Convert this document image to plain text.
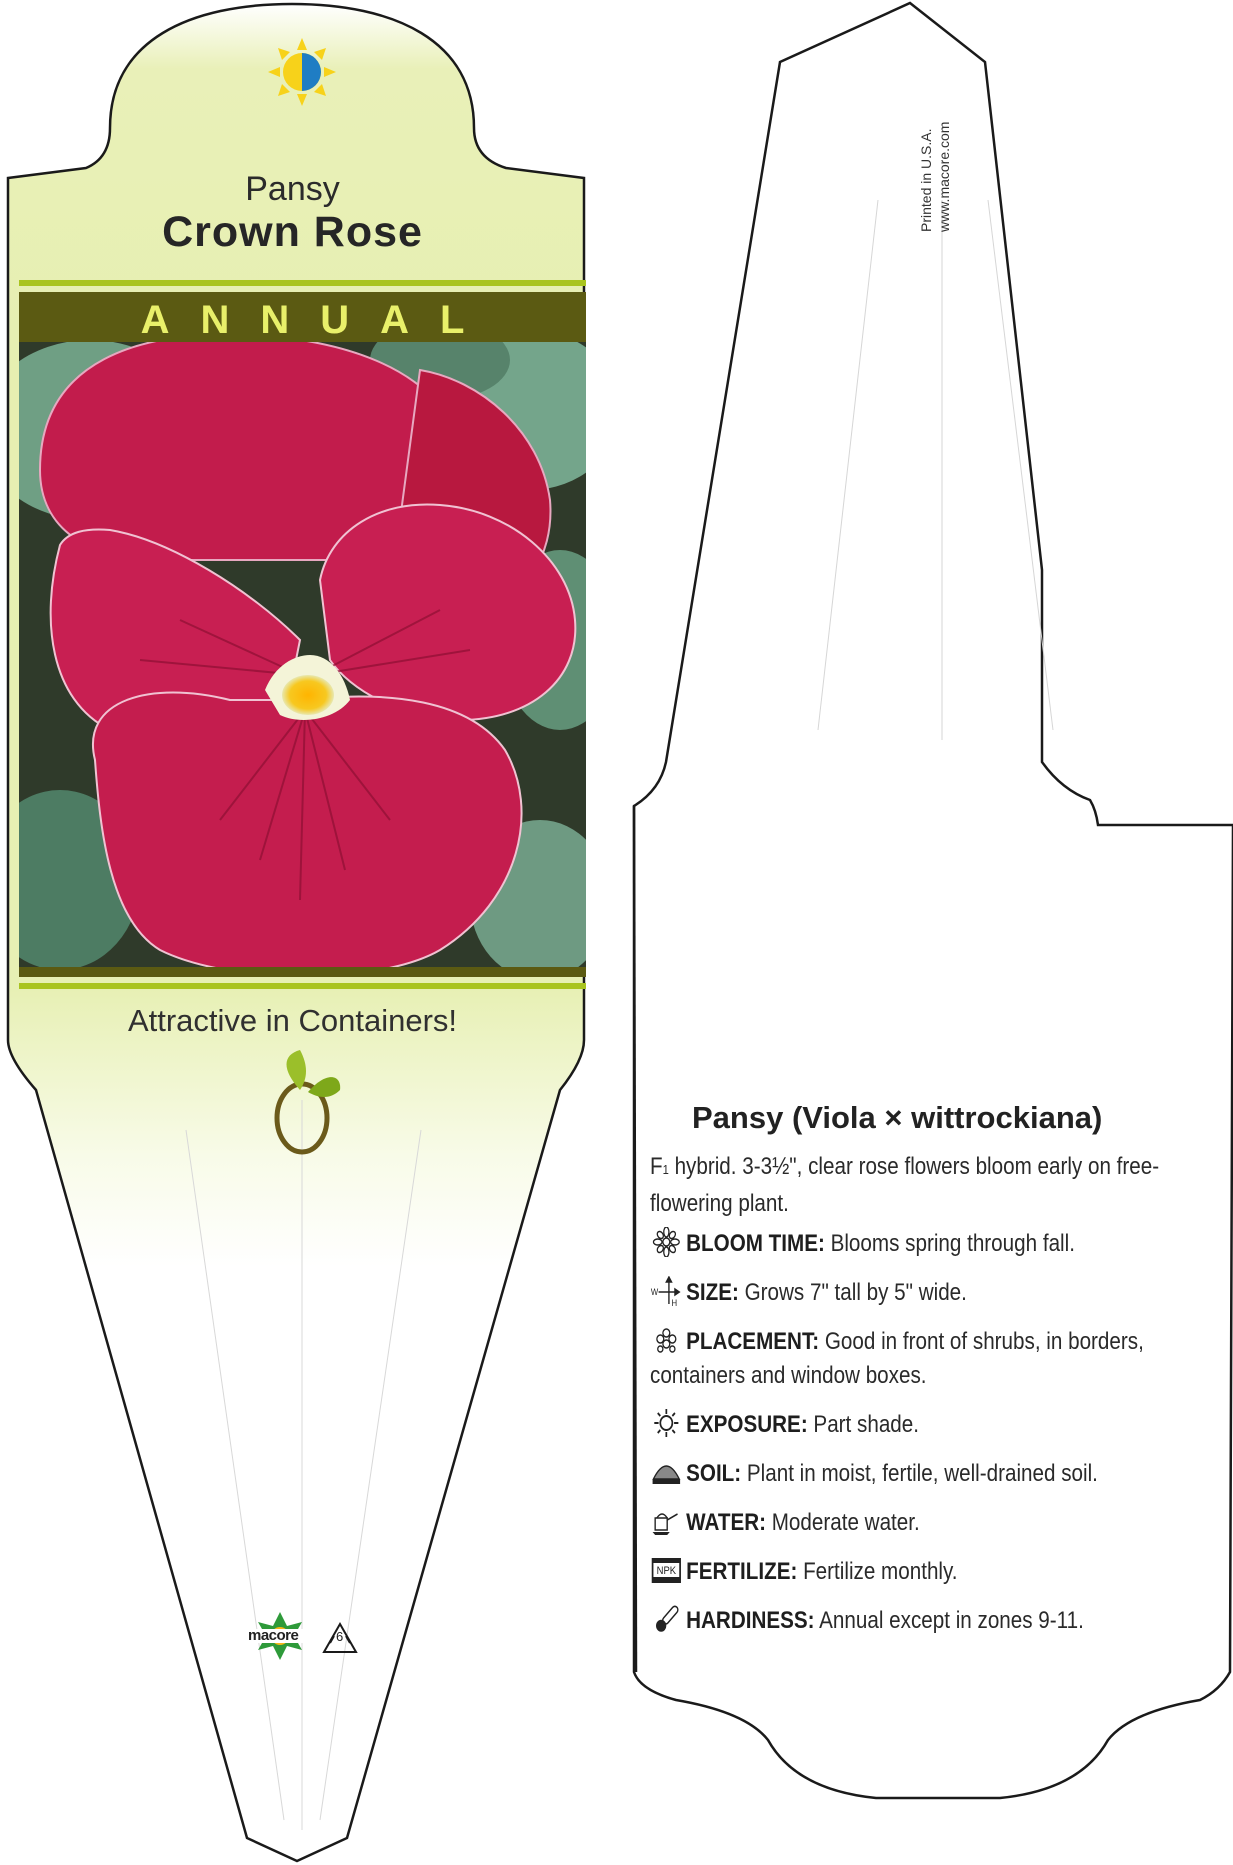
Pansy
Crown Rose
ANNUAL
Attractive in Containers!
macore	6
Printed in U.S.A. www.macore.com
Pansy (Viola × wittrockiana)
F1 hybrid. 3-3½", clear rose flowers bloom early on free-flowering plant.
BLOOM TIME: Blooms spring through fall.
W
H SIZE: Grows 7" tall by 5" wide.
PLACEMENT: Good in front of shrubs, in borders, containers and window boxes.
EXPOSURE: Part shade.
SOIL: Plant in moist, fertile, well-drained soil.
WATER: Moderate water.
NPK FERTILIZE: Fertilize monthly.
HARDINESS: Annual except in zones 9-11.
